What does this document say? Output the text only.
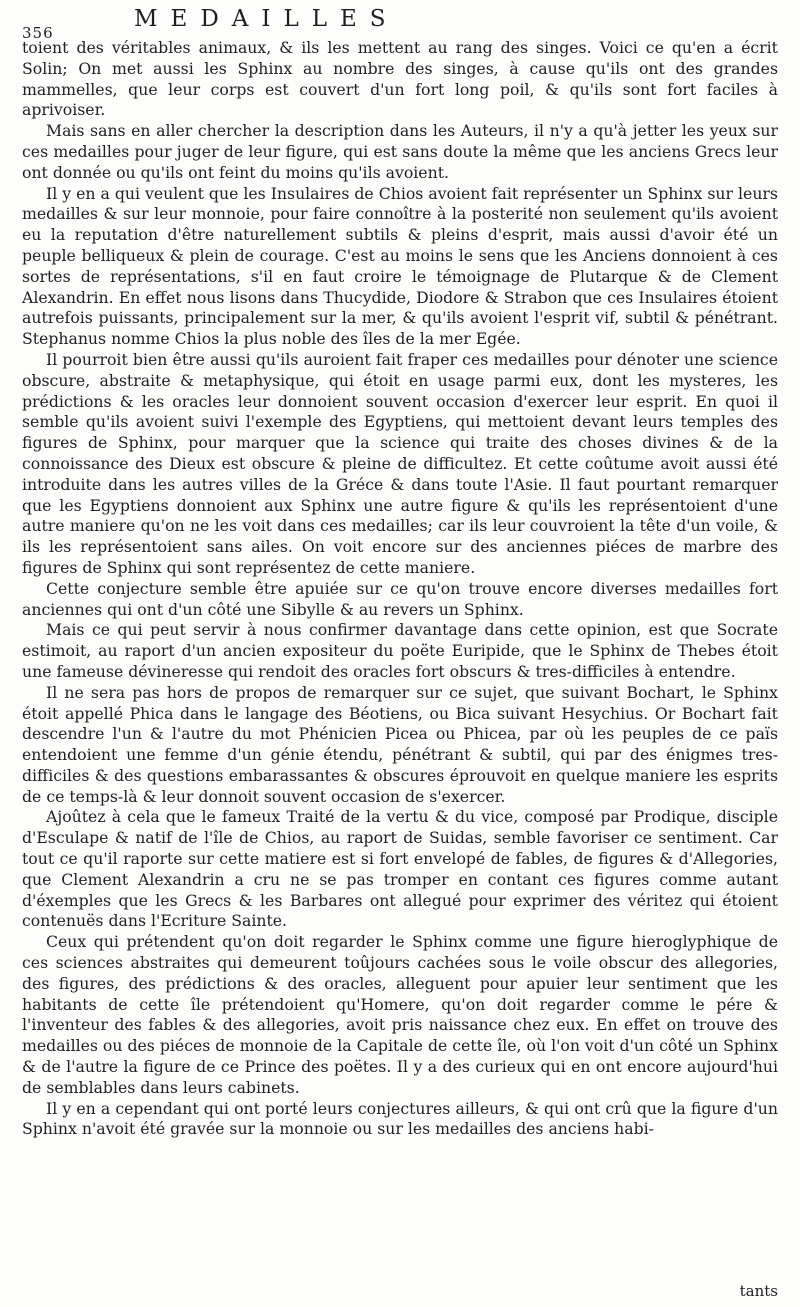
356
MEDAILLES

toient des véritables animaux, & ils les mettent au rang des singes. Voici ce qu'en a écrit Solin; On met aussi les Sphinx au nombre des singes, à cause qu'ils ont des grandes mammelles, que leur corps est couvert d'un fort long poil, & qu'ils sont fort faciles à aprivoiser.

Mais sans en aller chercher la description dans les Auteurs, il n'y a qu'à jetter les yeux sur ces medailles pour juger de leur figure, qui est sans doute la même que les anciens Grecs leur ont donnée ou qu'ils ont feint du moins qu'ils avoient.

Il y en a qui veulent que les Insulaires de Chios avoient fait représenter un Sphinx sur leurs medailles & sur leur monnoie, pour faire connoître à la posterité non seulement qu'ils avoient eu la reputation d'être naturellement subtils & pleins d'esprit, mais aussi d'avoir été un peuple belliqueux & plein de courage. C'est au moins le sens que les Anciens donnoient à ces sortes de représentations, s'il en faut croire le témoignage de Plutarque & de Clement Alexandrin. En effet nous lisons dans Thucydide, Diodore & Strabon que ces Insulaires étoient autrefois puissants, principalement sur la mer, & qu'ils avoient l'esprit vif, subtil & pénétrant. Stephanus nomme Chios la plus noble des îles de la mer Egée.

Il pourroit bien être aussi qu'ils auroient fait fraper ces medailles pour dénoter une science obscure, abstraite & metaphysique, qui étoit en usage parmi eux, dont les mysteres, les prédictions & les oracles leur donnoient souvent occasion d'exercer leur esprit. En quoi il semble qu'ils avoient suivi l'exemple des Egyptiens, qui mettoient devant leurs temples des figures de Sphinx, pour marquer que la science qui traite des choses divines & de la connoissance des Dieux est obscure & pleine de difficultez. Et cette coûtume avoit aussi été introduite dans les autres villes de la Gréce & dans toute l'Asie. Il faut pourtant remarquer que les Egyptiens donnoient aux Sphinx une autre figure & qu'ils les représentoient d'une autre maniere qu'on ne les voit dans ces medailles; car ils leur couvroient la tête d'un voile, & ils les représentoient sans ailes. On voit encore sur des anciennes piéces de marbre des figures de Sphinx qui sont représentez de cette maniere.

Cette conjecture semble être apuiée sur ce qu'on trouve encore diverses medailles fort anciennes qui ont d'un côté une Sibylle & au revers un Sphinx.

Mais ce qui peut servir à nous confirmer davantage dans cette opinion, est que Socrate estimoit, au raport d'un ancien expositeur du poëte Euripide, que le Sphinx de Thebes étoit une fameuse dévineresse qui rendoit des oracles fort obscurs & tres-difficiles à entendre.

Il ne sera pas hors de propos de remarquer sur ce sujet, que suivant Bochart, le Sphinx étoit appellé Phica dans le langage des Béotiens, ou Bica suivant Hesychius. Or Bochart fait descendre l'un & l'autre du mot Phénicien Picea ou Phicea, par où les peuples de ce païs entendoient une femme d'un génie étendu, pénétrant & subtil, qui par des énigmes tres-difficiles & des questions embarassantes & obscures éprouvoit en quelque maniere les esprits de ce temps-là & leur donnoit souvent occasion de s'exercer.

Ajoûtez à cela que le fameux Traité de la vertu & du vice, composé par Prodique, disciple d'Esculape & natif de l'île de Chios, au raport de Suidas, semble favoriser ce sentiment. Car tout ce qu'il raporte sur cette matiere est si fort envelopé de fables, de figures & d'Allegories, que Clement Alexandrin a cru ne se pas tromper en contant ces figures comme autant d'éxemples que les Grecs & les Barbares ont allegué pour exprimer des véritez qui étoient contenuës dans l'Ecriture Sainte.

Ceux qui prétendent qu'on doit regarder le Sphinx comme une figure hieroglyphique de ces sciences abstraites qui demeurent toûjours cachées sous le voile obscur des allegories, des figures, des prédictions & des oracles, alleguent pour apuier leur sentiment que les habitants de cette île prétendoient qu'Homere, qu'on doit regarder comme le pére & l'inventeur des fables & des allegories, avoit pris naissance chez eux. En effet on trouve des medailles ou des piéces de monnoie de la Capitale de cette île, où l'on voit d'un côté un Sphinx & de l'autre la figure de ce Prince des poëtes. Il y a des curieux qui en ont encore aujourd'hui de semblables dans leurs cabinets.

Il y en a cependant qui ont porté leurs conjectures ailleurs, & qui ont crû que la figure d'un Sphinx n'avoit été gravée sur la monnoie ou sur les medailles des anciens habi-

tants
